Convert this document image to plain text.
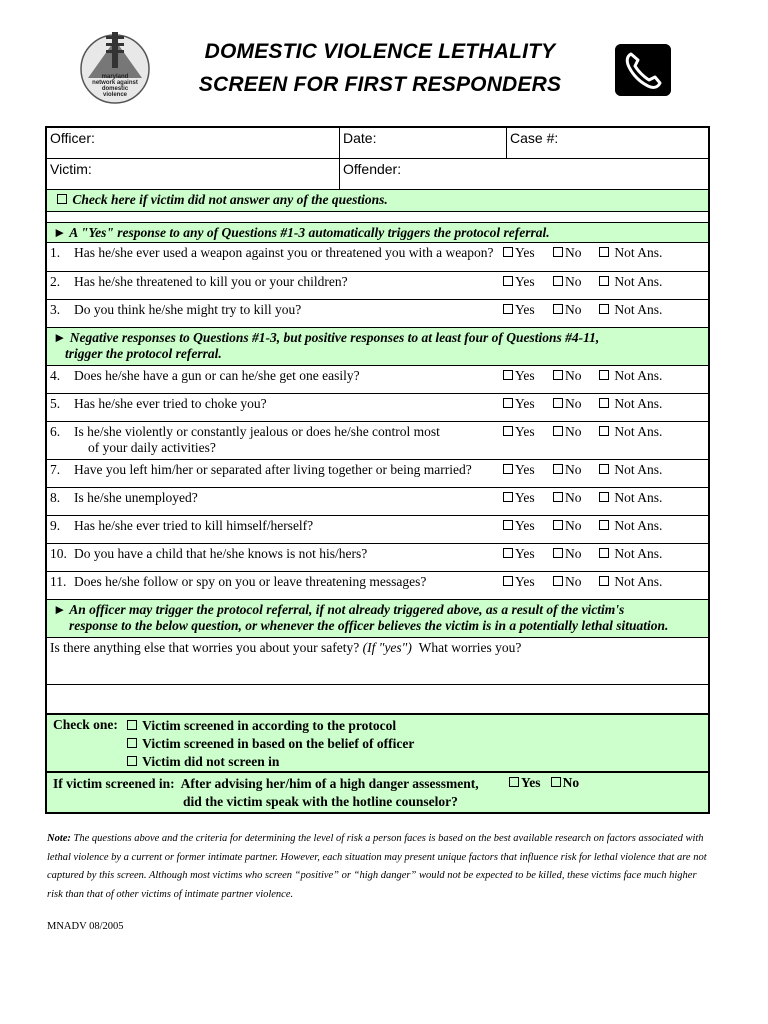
maryland network against domestic violence
DOMESTIC VIOLENCE LETHALITY
SCREEN FOR FIRST RESPONDERS
Officer:	Date:	Case #:
Victim:	Offender:
Check here if victim did not answer any of the questions.
► A "Yes" response to any of Questions #1-3 automatically triggers the protocol referral.
1. Has he/she ever used a weapon against you or threatened you with a weapon?	Yes	No	Not Ans.
2. Has he/she threatened to kill you or your children?	Yes	No	Not Ans.
3. Do you think he/she might try to kill you?	Yes	No	Not Ans.
► Negative responses to Questions #1-3, but positive responses to at least four of Questions #4-11,
trigger the protocol referral.
4. Does he/she have a gun or can he/she get one easily?	Yes	No	Not Ans.
5. Has he/she ever tried to choke you?	Yes	No	Not Ans.
6. Is he/she violently or constantly jealous or does he/she control most
of your daily activities?
Yes	No	Not Ans.
7. Have you left him/her or separated after living together or being married?	Yes	No	Not Ans.
8. Is he/she unemployed?	Yes	No	Not Ans.
9. Has he/she ever tried to kill himself/herself?	Yes	No	Not Ans.
10. Do you have a child that he/she knows is not his/hers?	Yes	No	Not Ans.
11. Does he/she follow or spy on you or leave threatening messages?	Yes	No	Not Ans.
► An officer may trigger the protocol referral, if not already triggered above, as a result of the victim's
response to the below question, or whenever the officer believes the victim is in a potentially lethal situation.
Is there anything else that worries you about your safety? (If "yes") What worries you?
Check one:	Victim screened in according to the protocol
Victim screened in based on the belief of officer
Victim did not screen in
If victim screened in: After advising her/him of a high danger assessment,
did the victim speak with the hotline counselor?
Yes No
Note: The questions above and the criteria for determining the level of risk a person faces is based on the best available research on factors associated with lethal violence by a current or former intimate partner. However, each situation may present unique factors that influence risk for lethal violence that are not captured by this screen. Although most victims who screen “positive” or “high danger” would not be expected to be killed, these victims face much higher risk than that of other victims of intimate partner violence.
MNADV 08/2005
